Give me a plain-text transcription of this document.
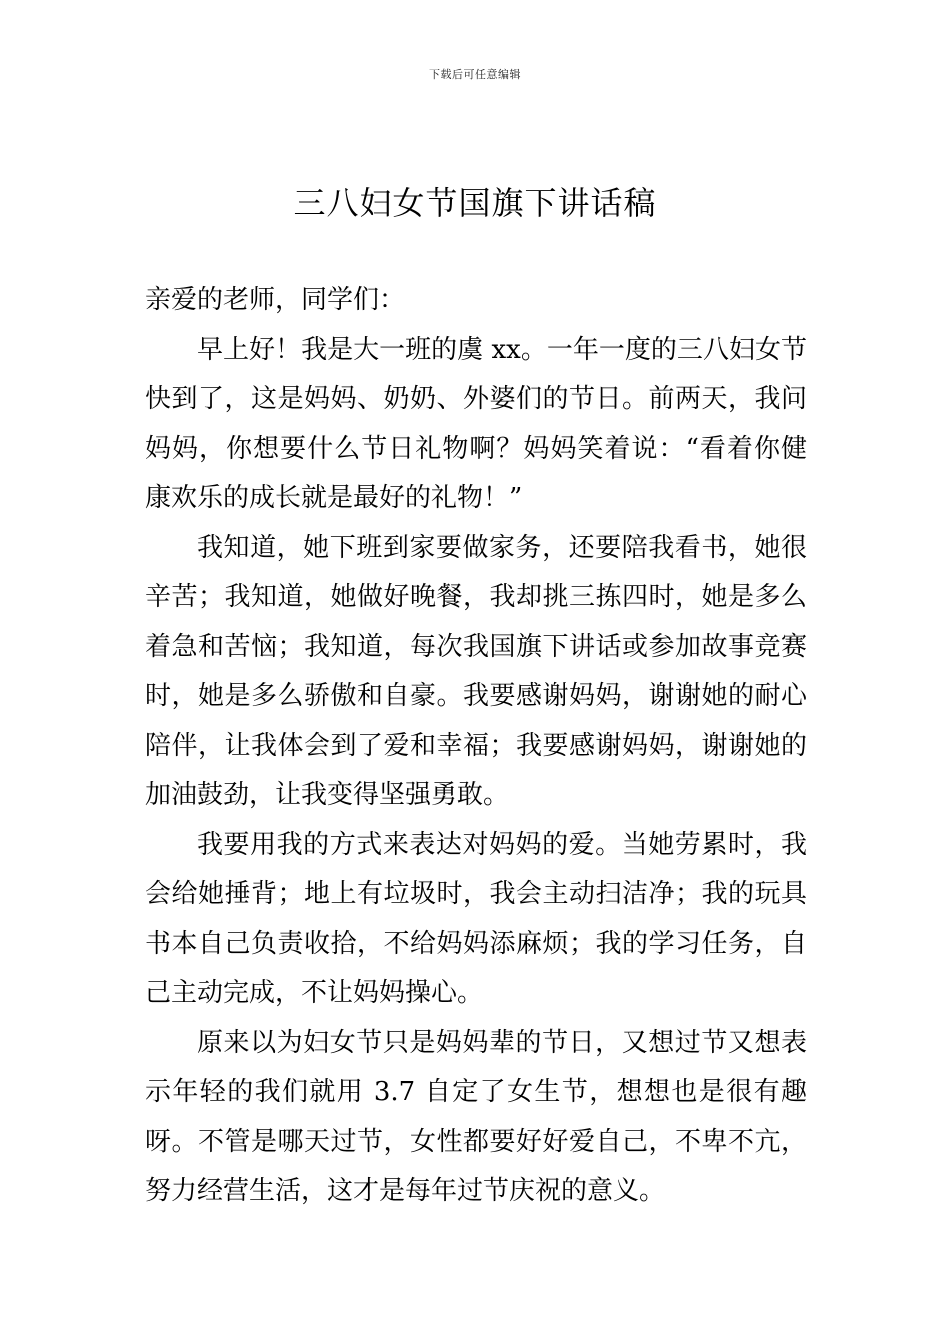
下载后可任意编辑
三八妇女节国旗下讲话稿

亲爱的老师，同学们：

早上好！我是大一班的虞 xx。一年一度的三八妇女节快到了，这是妈妈、奶奶、外婆们的节日。前两天，我问妈妈，你想要什么节日礼物啊？妈妈笑着说：“看着你健康欢乐的成长就是最好的礼物！”

我知道，她下班到家要做家务，还要陪我看书，她很辛苦；我知道，她做好晚餐，我却挑三拣四时，她是多么着急和苦恼；我知道，每次我国旗下讲话或参加故事竞赛时，她是多么骄傲和自豪。我要感谢妈妈，谢谢她的耐心陪伴，让我体会到了爱和幸福；我要感谢妈妈，谢谢她的加油鼓劲，让我变得坚强勇敢。

我要用我的方式来表达对妈妈的爱。当她劳累时，我会给她捶背；地上有垃圾时，我会主动扫洁净；我的玩具书本自己负责收拾，不给妈妈添麻烦；我的学习任务，自己主动完成，不让妈妈操心。

原来以为妇女节只是妈妈辈的节日，又想过节又想表示年轻的我们就用 3.7 自定了女生节，想想也是很有趣呀。不管是哪天过节，女性都要好好爱自己，不卑不亢，努力经营生活，这才是每年过节庆祝的意义。
